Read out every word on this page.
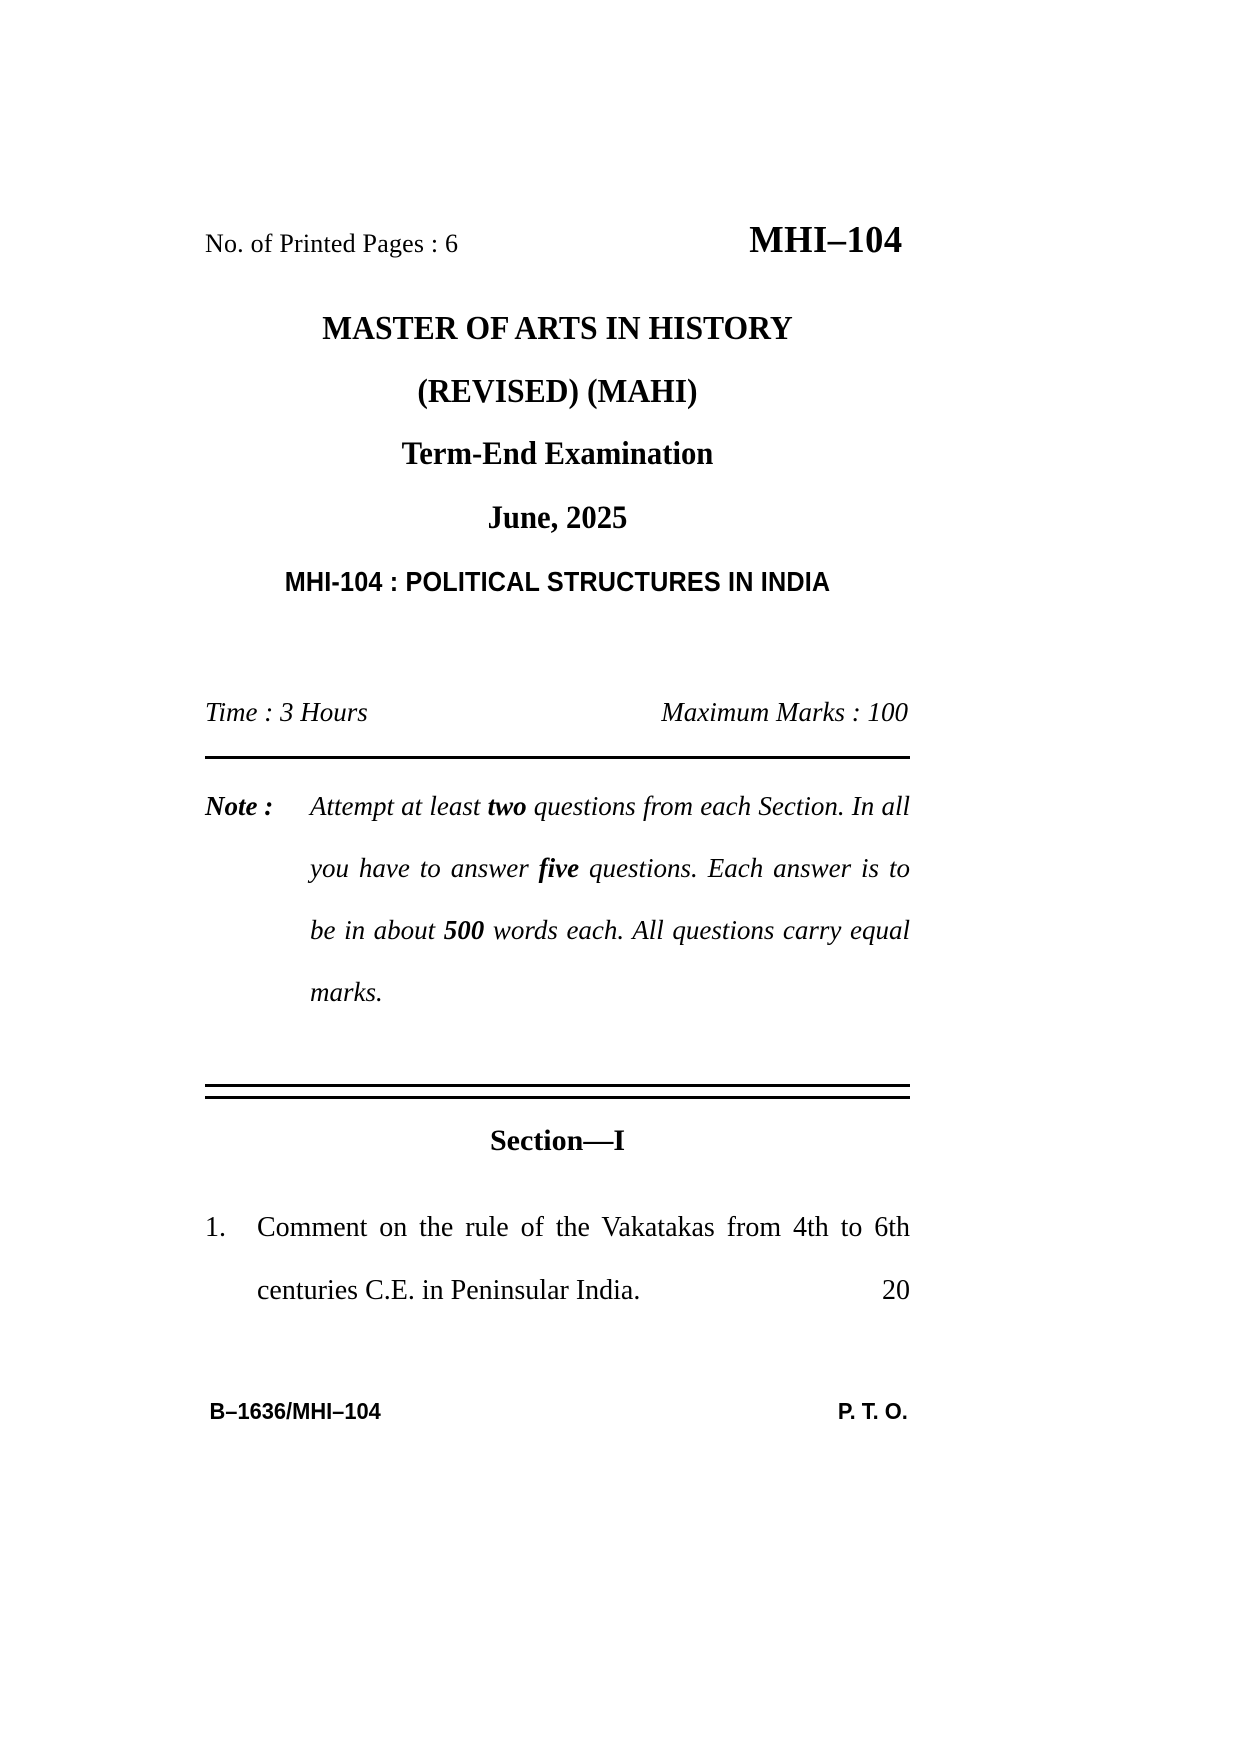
No. of Printed Pages : 6	MHI–104
MASTER OF ARTS IN HISTORY
(REVISED) (MAHI)
Term-End Examination
June, 2025
MHI-104 : POLITICAL STRUCTURES IN INDIA
Time : 3 Hours	Maximum Marks : 100
Note :	Attempt at least two questions from each Section. In all you have to answer five questions. Each answer is to be in about 500 words each. All questions carry equal marks.
Section—I
1.	Comment on the rule of the Vakatakas from 4th to 6th centuries C.E. in Peninsular India.	20
B–1636/MHI–104	P. T. O.
